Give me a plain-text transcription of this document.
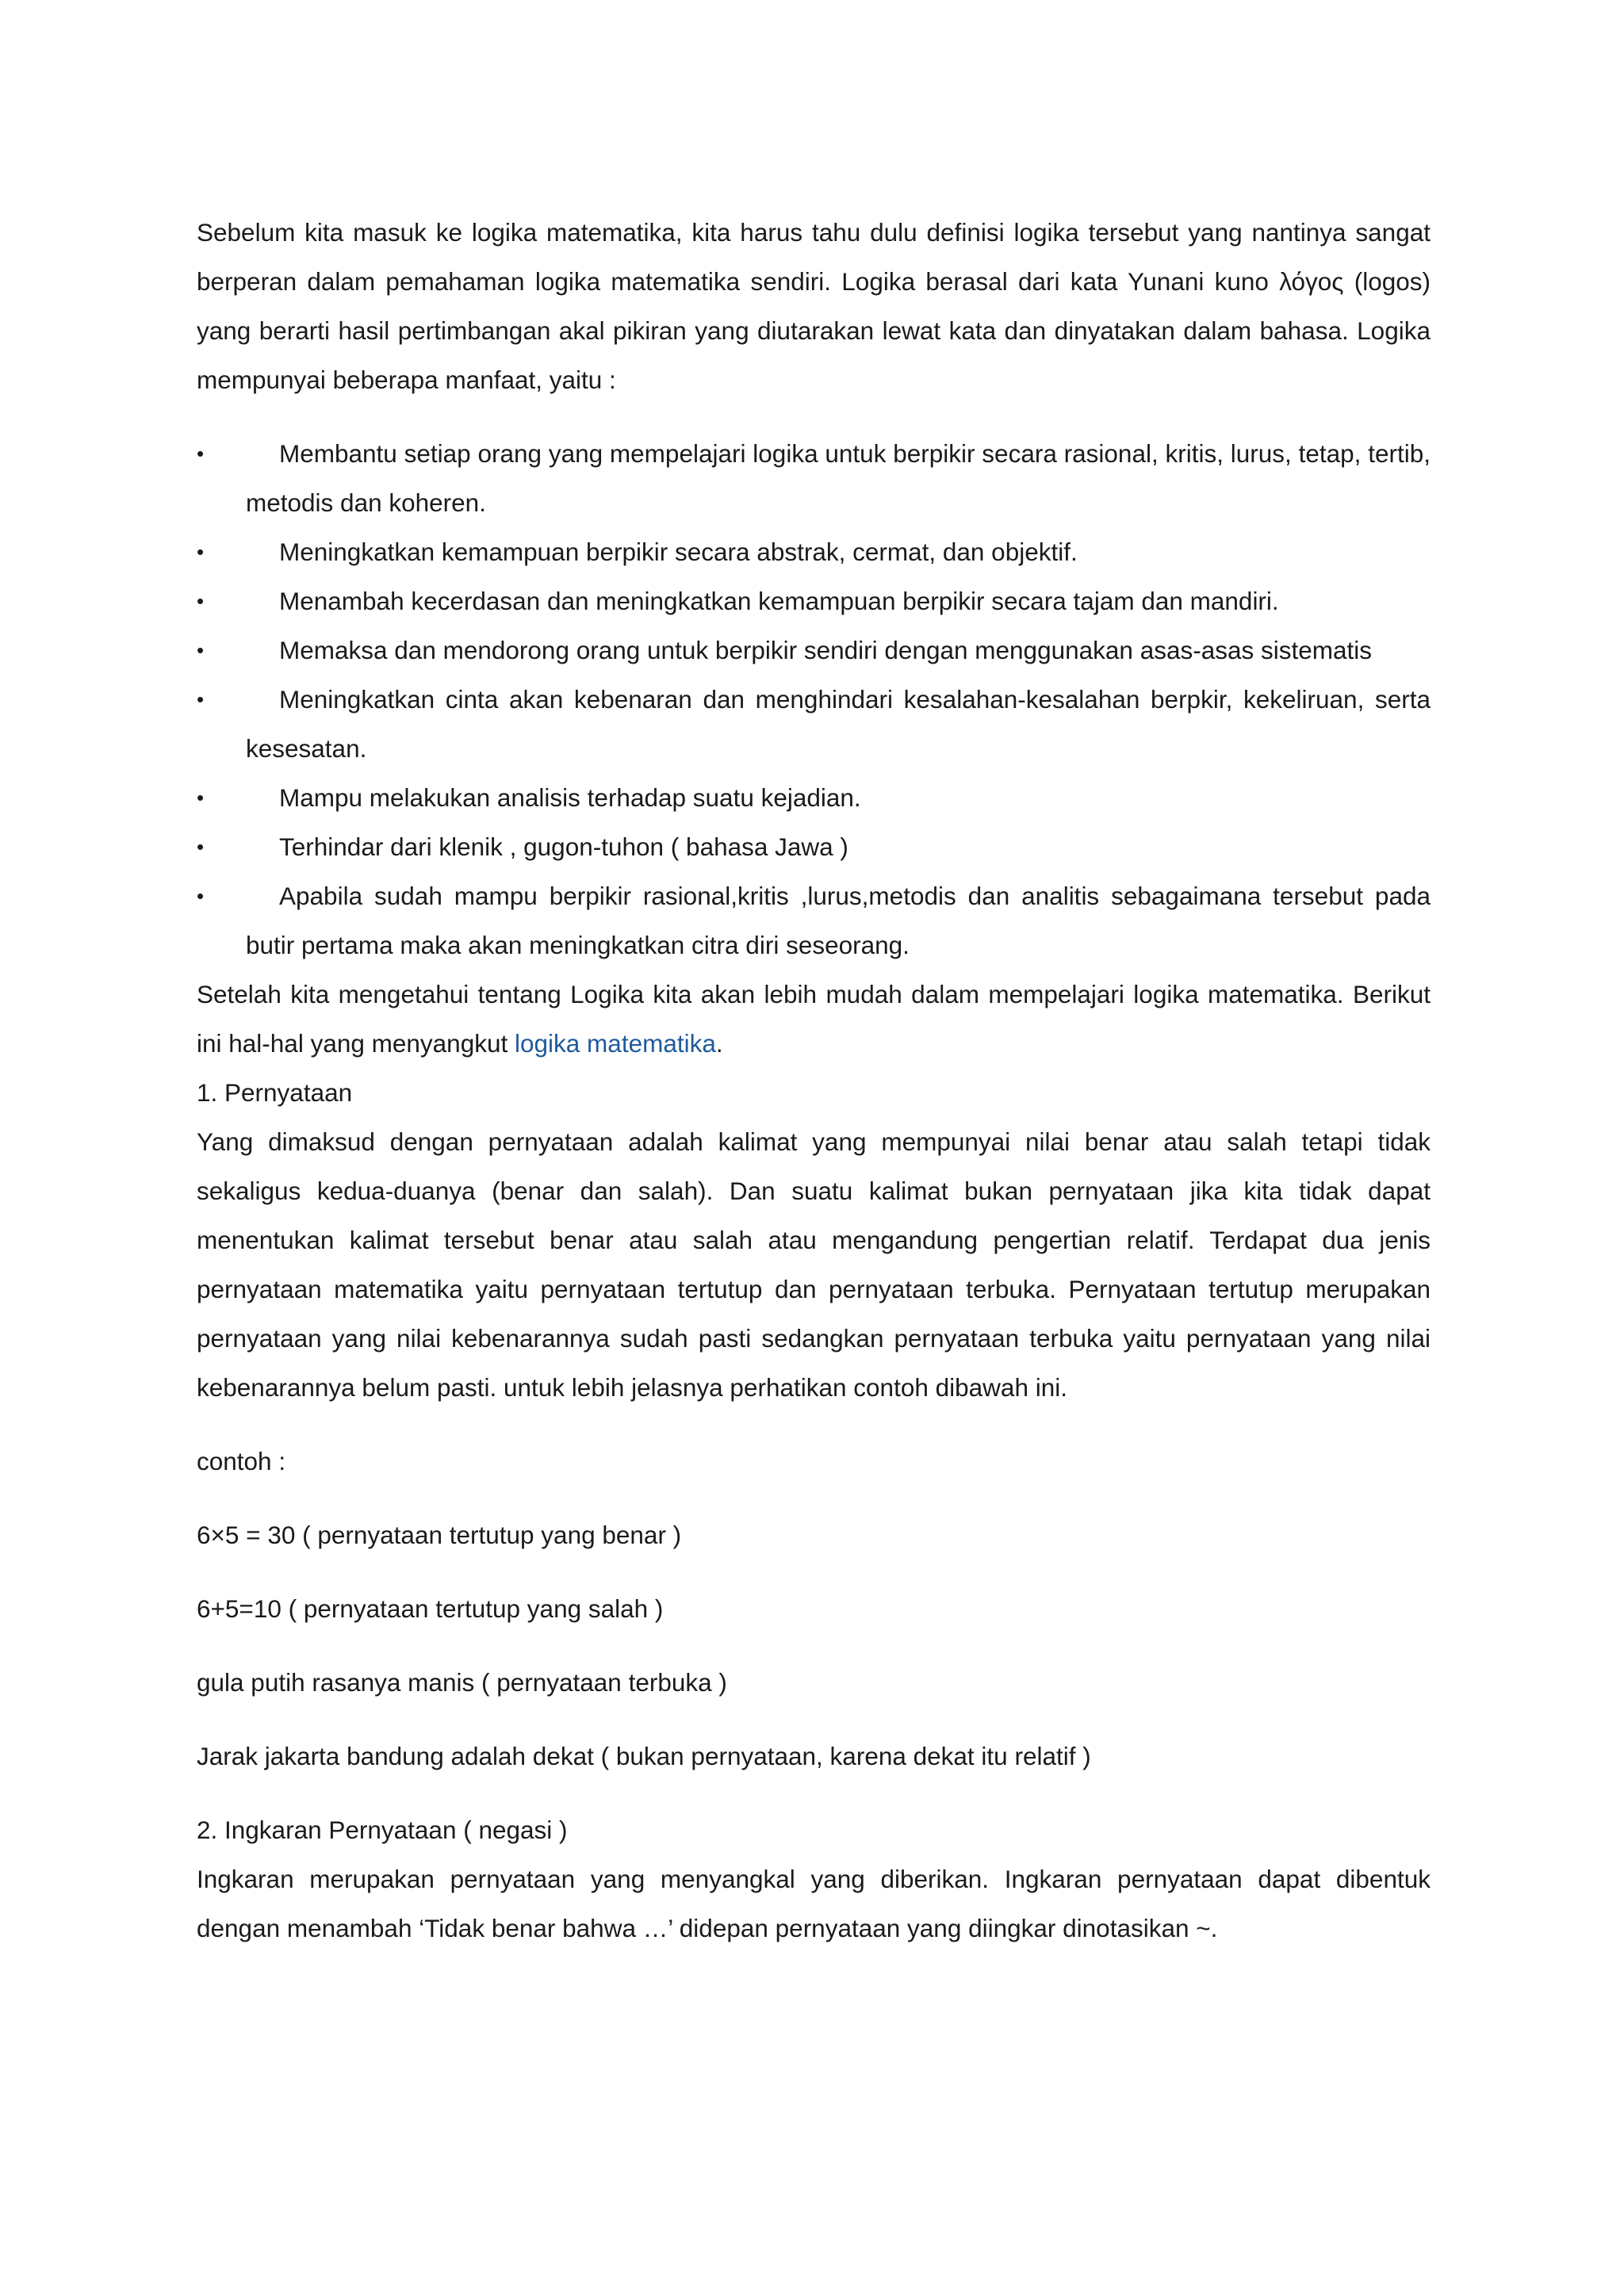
Sebelum kita masuk ke logika matematika, kita harus tahu dulu definisi logika tersebut yang nantinya sangat berperan dalam pemahaman logika matematika sendiri. Logika berasal dari kata Yunani kuno λόγος (logos) yang berarti hasil pertimbangan akal pikiran yang diutarakan lewat kata dan dinyatakan dalam bahasa. Logika mempunyai beberapa manfaat, yaitu :

•	Membantu setiap orang yang mempelajari logika untuk berpikir secara rasional, kritis, lurus, tetap, tertib, metodis dan koheren.
•	Meningkatkan kemampuan berpikir secara abstrak, cermat, dan objektif.
•	Menambah kecerdasan dan meningkatkan kemampuan berpikir secara tajam dan mandiri.
•	Memaksa dan mendorong orang untuk berpikir sendiri dengan menggunakan asas-asas sistematis
•	Meningkatkan cinta akan kebenaran dan menghindari kesalahan-kesalahan berpkir, kekeliruan, serta kesesatan.
•	Mampu melakukan analisis terhadap suatu kejadian.
•	Terhindar dari klenik , gugon-tuhon ( bahasa Jawa )
•	Apabila sudah mampu berpikir rasional,kritis ,lurus,metodis dan analitis sebagaimana tersebut pada butir pertama maka akan meningkatkan citra diri seseorang.

Setelah kita mengetahui tentang Logika kita akan lebih mudah dalam mempelajari logika matematika. Berikut ini hal-hal yang menyangkut logika matematika.

1. Pernyataan

Yang dimaksud dengan pernyataan adalah kalimat yang mempunyai nilai benar atau salah tetapi tidak sekaligus kedua-duanya (benar dan salah). Dan suatu kalimat bukan pernyataan jika kita tidak dapat menentukan kalimat tersebut benar atau salah atau mengandung pengertian relatif. Terdapat dua jenis pernyataan matematika yaitu pernyataan tertutup dan pernyataan terbuka. Pernyataan tertutup merupakan pernyataan yang nilai kebenarannya sudah pasti sedangkan pernyataan terbuka yaitu pernyataan yang nilai kebenarannya belum pasti. untuk lebih jelasnya perhatikan contoh dibawah ini.

contoh :

6×5 = 30 ( pernyataan tertutup yang benar )

6+5=10 ( pernyataan tertutup yang salah )

gula putih rasanya manis ( pernyataan terbuka )

Jarak jakarta bandung adalah dekat ( bukan pernyataan, karena dekat itu relatif )

2. Ingkaran Pernyataan ( negasi )

Ingkaran merupakan pernyataan yang menyangkal yang diberikan. Ingkaran pernyataan dapat dibentuk dengan menambah ‘Tidak benar bahwa …’ didepan pernyataan yang diingkar dinotasikan ~.
